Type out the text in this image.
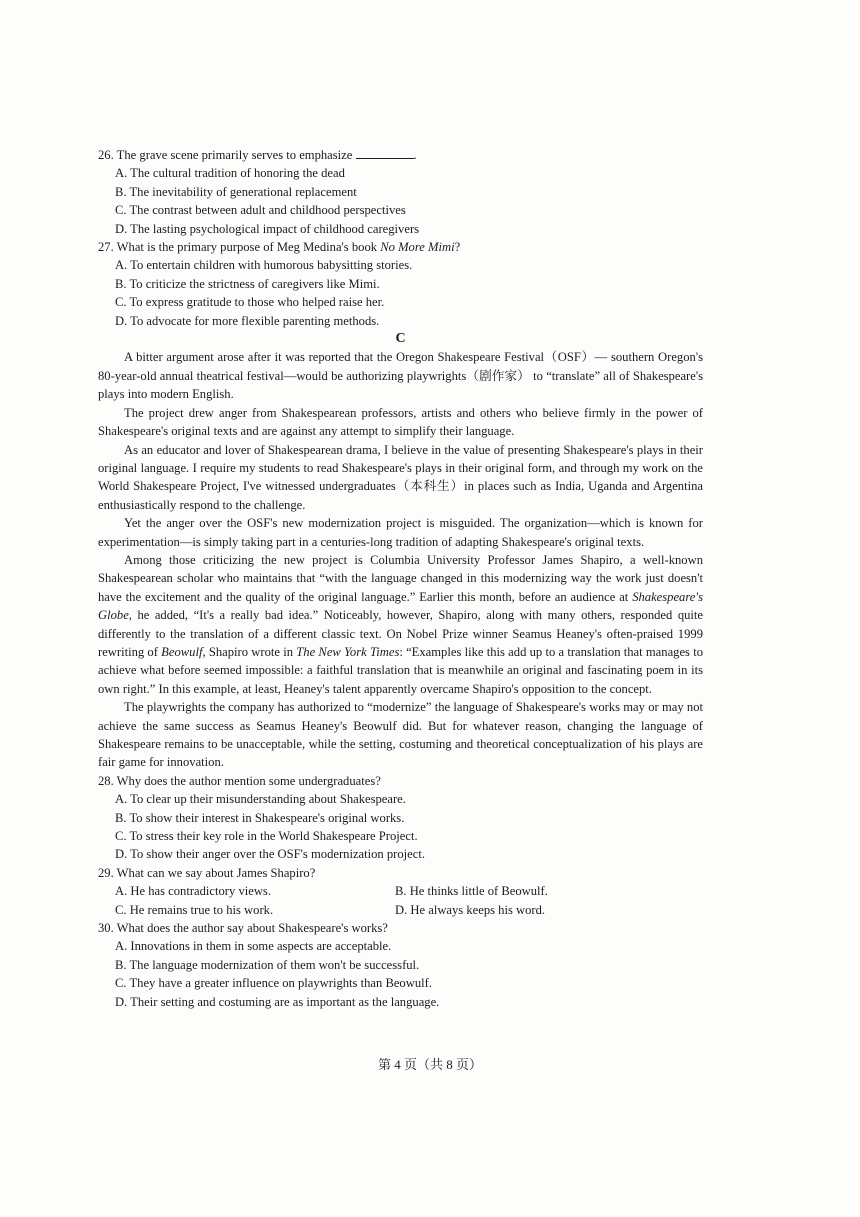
26. The grave scene primarily serves to emphasize	.

A. The cultural tradition of honoring the dead

B. The inevitability of generational replacement

C. The contrast between adult and childhood perspectives

D. The lasting psychological impact of childhood caregivers

27. What is the primary purpose of Meg Medina's book No More Mimi?

A. To entertain children with humorous babysitting stories.

B. To criticize the strictness of caregivers like Mimi.

C. To express gratitude to those who helped raise her.

D. To advocate for more flexible parenting methods.

C

A bitter argument arose after it was reported that the Oregon Shakespeare Festival（OSF）— southern Oregon's 80-year-old annual theatrical festival—would be authorizing playwrights（剧作家） to “translate” all of Shakespeare's plays into modern English.

The project drew anger from Shakespearean professors, artists and others who believe firmly in the power of Shakespeare's original texts and are against any attempt to simplify their language.

As an educator and lover of Shakespearean drama, I believe in the value of presenting Shakespeare's plays in their original language. I require my students to read Shakespeare's plays in their original form, and through my work on the World Shakespeare Project, I've witnessed undergraduates（本科生）in places such as India, Uganda and Argentina enthusiastically respond to the challenge.

Yet the anger over the OSF's new modernization project is misguided. The organization—which is known for experimentation—is simply taking part in a centuries-long tradition of adapting Shakespeare's original texts.

Among those criticizing the new project is Columbia University Professor James Shapiro, a well-known Shakespearean scholar who maintains that “with the language changed in this modernizing way the work just doesn't have the excitement and the quality of the original language.” Earlier this month, before an audience at Shakespeare's Globe, he added, “It's a really bad idea.” Noticeably, however, Shapiro, along with many others, responded quite differently to the translation of a different classic text. On Nobel Prize winner Seamus Heaney's often-praised 1999 rewriting of Beowulf, Shapiro wrote in The New York Times: “Examples like this add up to a translation that manages to achieve what before seemed impossible: a faithful translation that is meanwhile an original and fascinating poem in its own right.” In this example, at least, Heaney's talent apparently overcame Shapiro's opposition to the concept.

The playwrights the company has authorized to “modernize” the language of Shakespeare's works may or may not achieve the same success as Seamus Heaney's Beowulf did. But for whatever reason, changing the language of Shakespeare remains to be unacceptable, while the setting, costuming and theoretical conceptualization of his plays are fair game for innovation.

28. Why does the author mention some undergraduates?

A. To clear up their misunderstanding about Shakespeare.

B. To show their interest in Shakespeare's original works.

C. To stress their key role in the World Shakespeare Project.

D. To show their anger over the OSF's modernization project.

29. What can we say about James Shapiro?

A. He has contradictory views.	B. He thinks little of Beowulf.
C. He remains true to his work.	D. He always keeps his word.

30. What does the author say about Shakespeare's works?

A. Innovations in them in some aspects are acceptable.

B. The language modernization of them won't be successful.

C. They have a greater influence on playwrights than Beowulf.

D. Their setting and costuming are as important as the language.

第 4 页（共 8 页）
